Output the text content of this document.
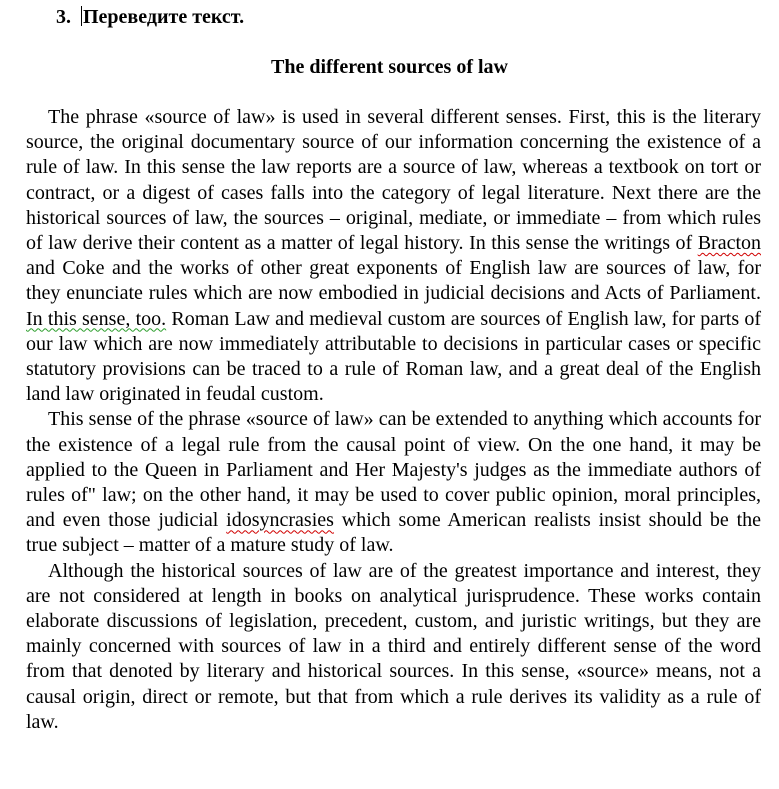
3. Переведите текст.
The different sources of law

The phrase «source of law» is used in several different senses. First, this is the literary source, the original documentary source of our information concerning the existence of a rule of law. In this sense the law reports are a source of law, whereas a textbook on tort or contract, or a digest of cases falls into the category of legal literature. Next there are the historical sources of law, the sources – original, mediate, or immediate – from which rules of law derive their content as a matter of legal history. In this sense the writings of Bracton and Coke and the works of other great exponents of English law are sources of law, for they enunciate rules which are now embodied in judicial decisions and Acts of Parliament. In this sense, too. Roman Law and medieval custom are sources of English law, for parts of our law which are now immediately attributable to decisions in particular cases or specific statutory provisions can be traced to a rule of Roman law, and a great deal of the English land law originated in feudal custom.

This sense of the phrase «source of law» can be extended to anything which accounts for the existence of a legal rule from the causal point of view. On the one hand, it may be applied to the Queen in Parliament and Her Majesty's judges as the immediate authors of rules of" law; on the other hand, it may be used to cover public opinion, moral principles, and even those judicial idosyncrasies which some American realists insist should be the true subject – matter of a mature study of law.

Although the historical sources of law are of the greatest importance and interest, they are not considered at length in books on analytical jurisprudence. These works contain elaborate discussions of legislation, precedent, custom, and juristic writings, but they are mainly concerned with sources of law in a third and entirely different sense of the word from that denoted by literary and historical sources. In this sense, «source» means, not a causal origin, direct or remote, but that from which a rule derives its validity as a rule of law.
